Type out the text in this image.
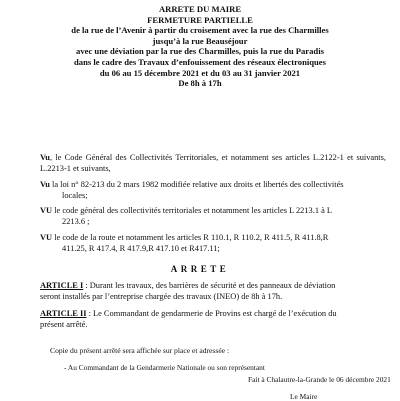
ARRETE DU MAIRE
FERMETURE PARTIELLE
de la rue de l’Avenir à partir du croisement avec la rue des Charmilles
jusqu’à la rue Beauséjour
avec une déviation par la rue des Charmilles, puis la rue du Paradis
dans le cadre des Travaux d’enfouissement des réseaux électroniques
du 06 au 15 décembre 2021 et du 03 au 31 janvier 2021
De 8h à 17h

Vu, le Code Général des Collectivités Territoriales, et notamment ses articles L.2122-1 et suivants, L.2213-1 et suivants,

Vu la loi n° 82-213 du 2 mars 1982 modifiée relative aux droits et libertés des collectivités
locales;

VU le code général des collectivités territoriales et notamment les articles L 2213.1 à L
2213.6 ;

VU le code de la route et notamment les articles R 110.1, R 110.2, R 411.5, R 411.8,R
411.25, R 417.4, R 417.9,R 417.10 et R417.11;

ARRETE
ARTICLE I : Durant les travaux, des barrières de sécurité et des panneaux de déviation
seront installés par l’entreprise chargée des travaux (INEO) de 8h à 17h.
ARTICLE II : Le Commandant de gendarmerie de Provins est chargé de l’exécution du
présent arrêté.
Copie du présent arrêté sera affichée sur place et adressée :
- Au Commandant de la Gendarmerie Nationale ou son représentant
Fait à Chalautre-la-Grande le 06 décembre 2021
Le Maire
